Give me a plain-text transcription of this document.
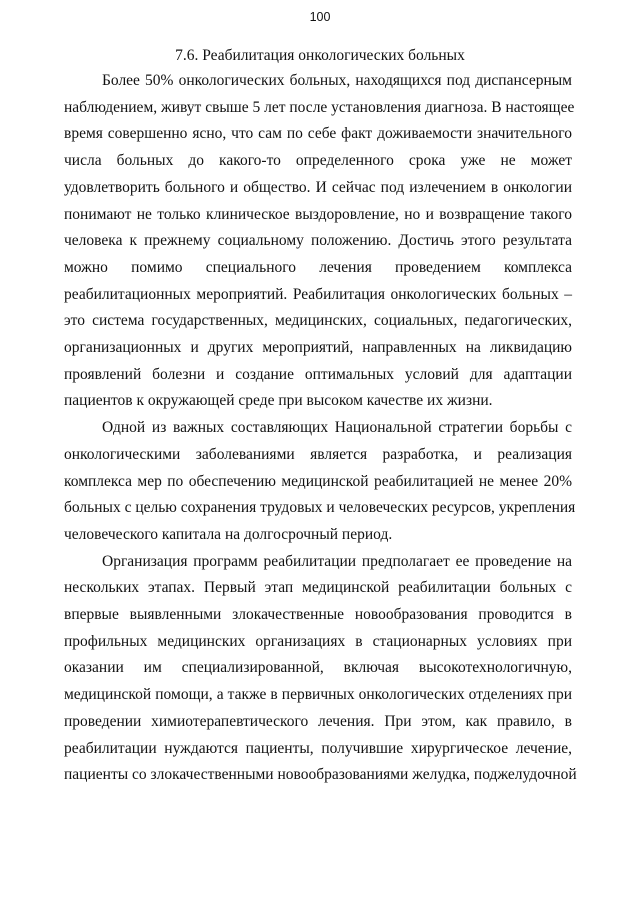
100
7.6. Реабилитация онкологических больных
Более 50% онкологических больных, находящихся под диспансерным
наблюдением, живут свыше 5 лет после установления диагноза. В настоящее
время совершенно ясно, что сам по себе факт доживаемости значительного
числа больных до какого-то определенного срока уже не может
удовлетворить больного и общество. И сейчас под излечением в онкологии
понимают не только клиническое выздоровление, но и возвращение такого
человека к прежнему социальному положению. Достичь этого результата
можно помимо специального лечения проведением комплекса
реабилитационных мероприятий. Реабилитация онкологических больных –
это система государственных, медицинских, социальных, педагогических,
организационных и других мероприятий, направленных на ликвидацию
проявлений болезни и создание оптимальных условий для адаптации
пациентов к окружающей среде при высоком качестве их жизни.
Одной из важных составляющих Национальной стратегии борьбы с
онкологическими заболеваниями является разработка, и реализация
комплекса мер по обеспечению медицинской реабилитацией не менее 20%
больных с целью сохранения трудовых и человеческих ресурсов, укрепления
человеческого капитала на долгосрочный период.
Организация программ реабилитации предполагает ее проведение на
нескольких этапах. Первый этап медицинской реабилитации больных с
впервые выявленными злокачественные новообразования проводится в
профильных медицинских организациях в стационарных условиях при
оказании им специализированной, включая высокотехнологичную,
медицинской помощи, а также в первичных онкологических отделениях при
проведении химиотерапевтического лечения. При этом, как правило, в
реабилитации нуждаются пациенты, получившие хирургическое лечение,
пациенты со злокачественными новообразованиями желудка, поджелудочной
